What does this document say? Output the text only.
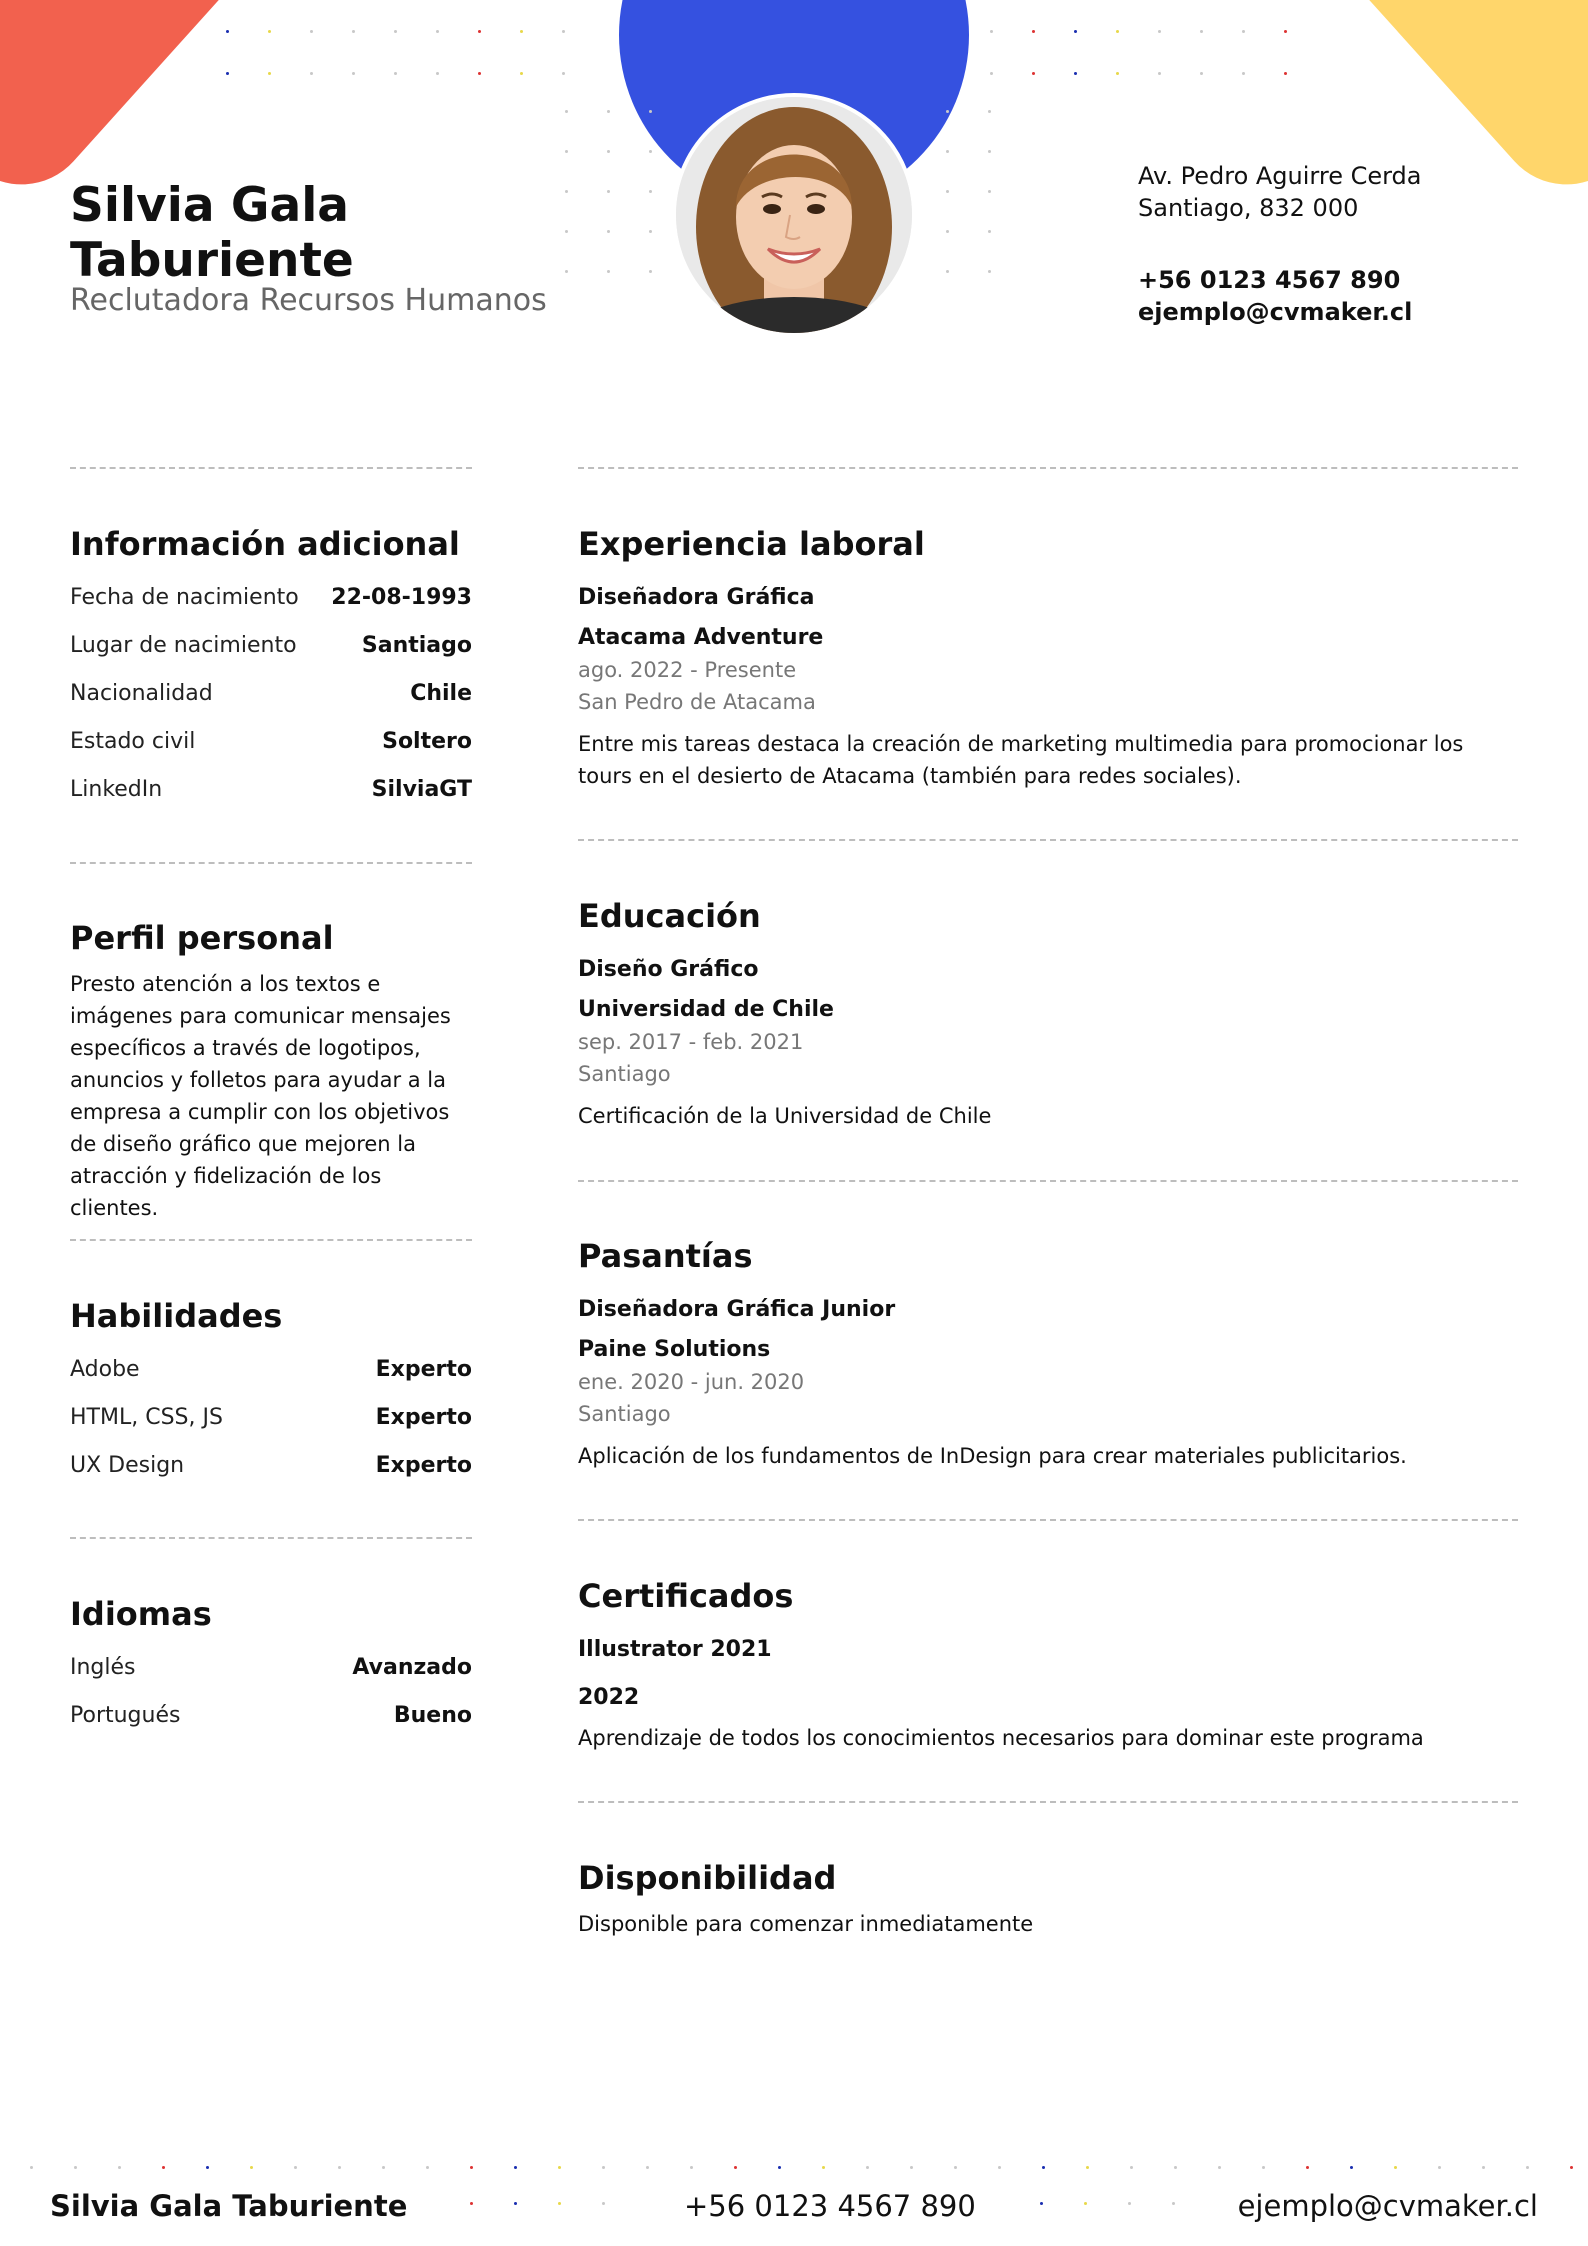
Silvia Gala Taburiente
Reclutadora Recursos Humanos
Av. Pedro Aguirre Cerda
Santiago, 832 000
+56 0123 4567 890
ejemplo@cvmaker.cl
Información adicional
Fecha de nacimiento 22-08-1993
Lugar de nacimiento	Santiago
Nacionalidad	Chile
Estado civil	Soltero
LinkedIn	SilviaGT
Perfil personal
Presto atención a los textos e imágenes para comunicar mensajes específicos a través de logotipos, anuncios y folletos para ayudar a la empresa a cumplir con los objetivos de diseño gráfico que mejoren la atracción y fidelización de los clientes.
Habilidades
Adobe	Experto
HTML, CSS, JS	Experto
UX Design	Experto
Idiomas
Inglés	Avanzado
Portugués	Bueno
Experiencia laboral
Diseñadora Gráfica
Atacama Adventure
ago. 2022 - Presente
San Pedro de Atacama
Entre mis tareas destaca la creación de marketing multimedia para promocionar los tours en el desierto de Atacama (también para redes sociales).
Educación
Diseño Gráfico
Universidad de Chile
sep. 2017 - feb. 2021
Santiago
Certificación de la Universidad de Chile
Pasantías
Diseñadora Gráfica Junior
Paine Solutions
ene. 2020 - jun. 2020
Santiago
Aplicación de los fundamentos de InDesign para crear materiales publicitarios.
Certificados
Illustrator 2021
2022
Aprendizaje de todos los conocimientos necesarios para dominar este programa
Disponibilidad
Disponible para comenzar inmediatamente
Silvia Gala Taburiente	+56 0123 4567 890	ejemplo@cvmaker.cl
